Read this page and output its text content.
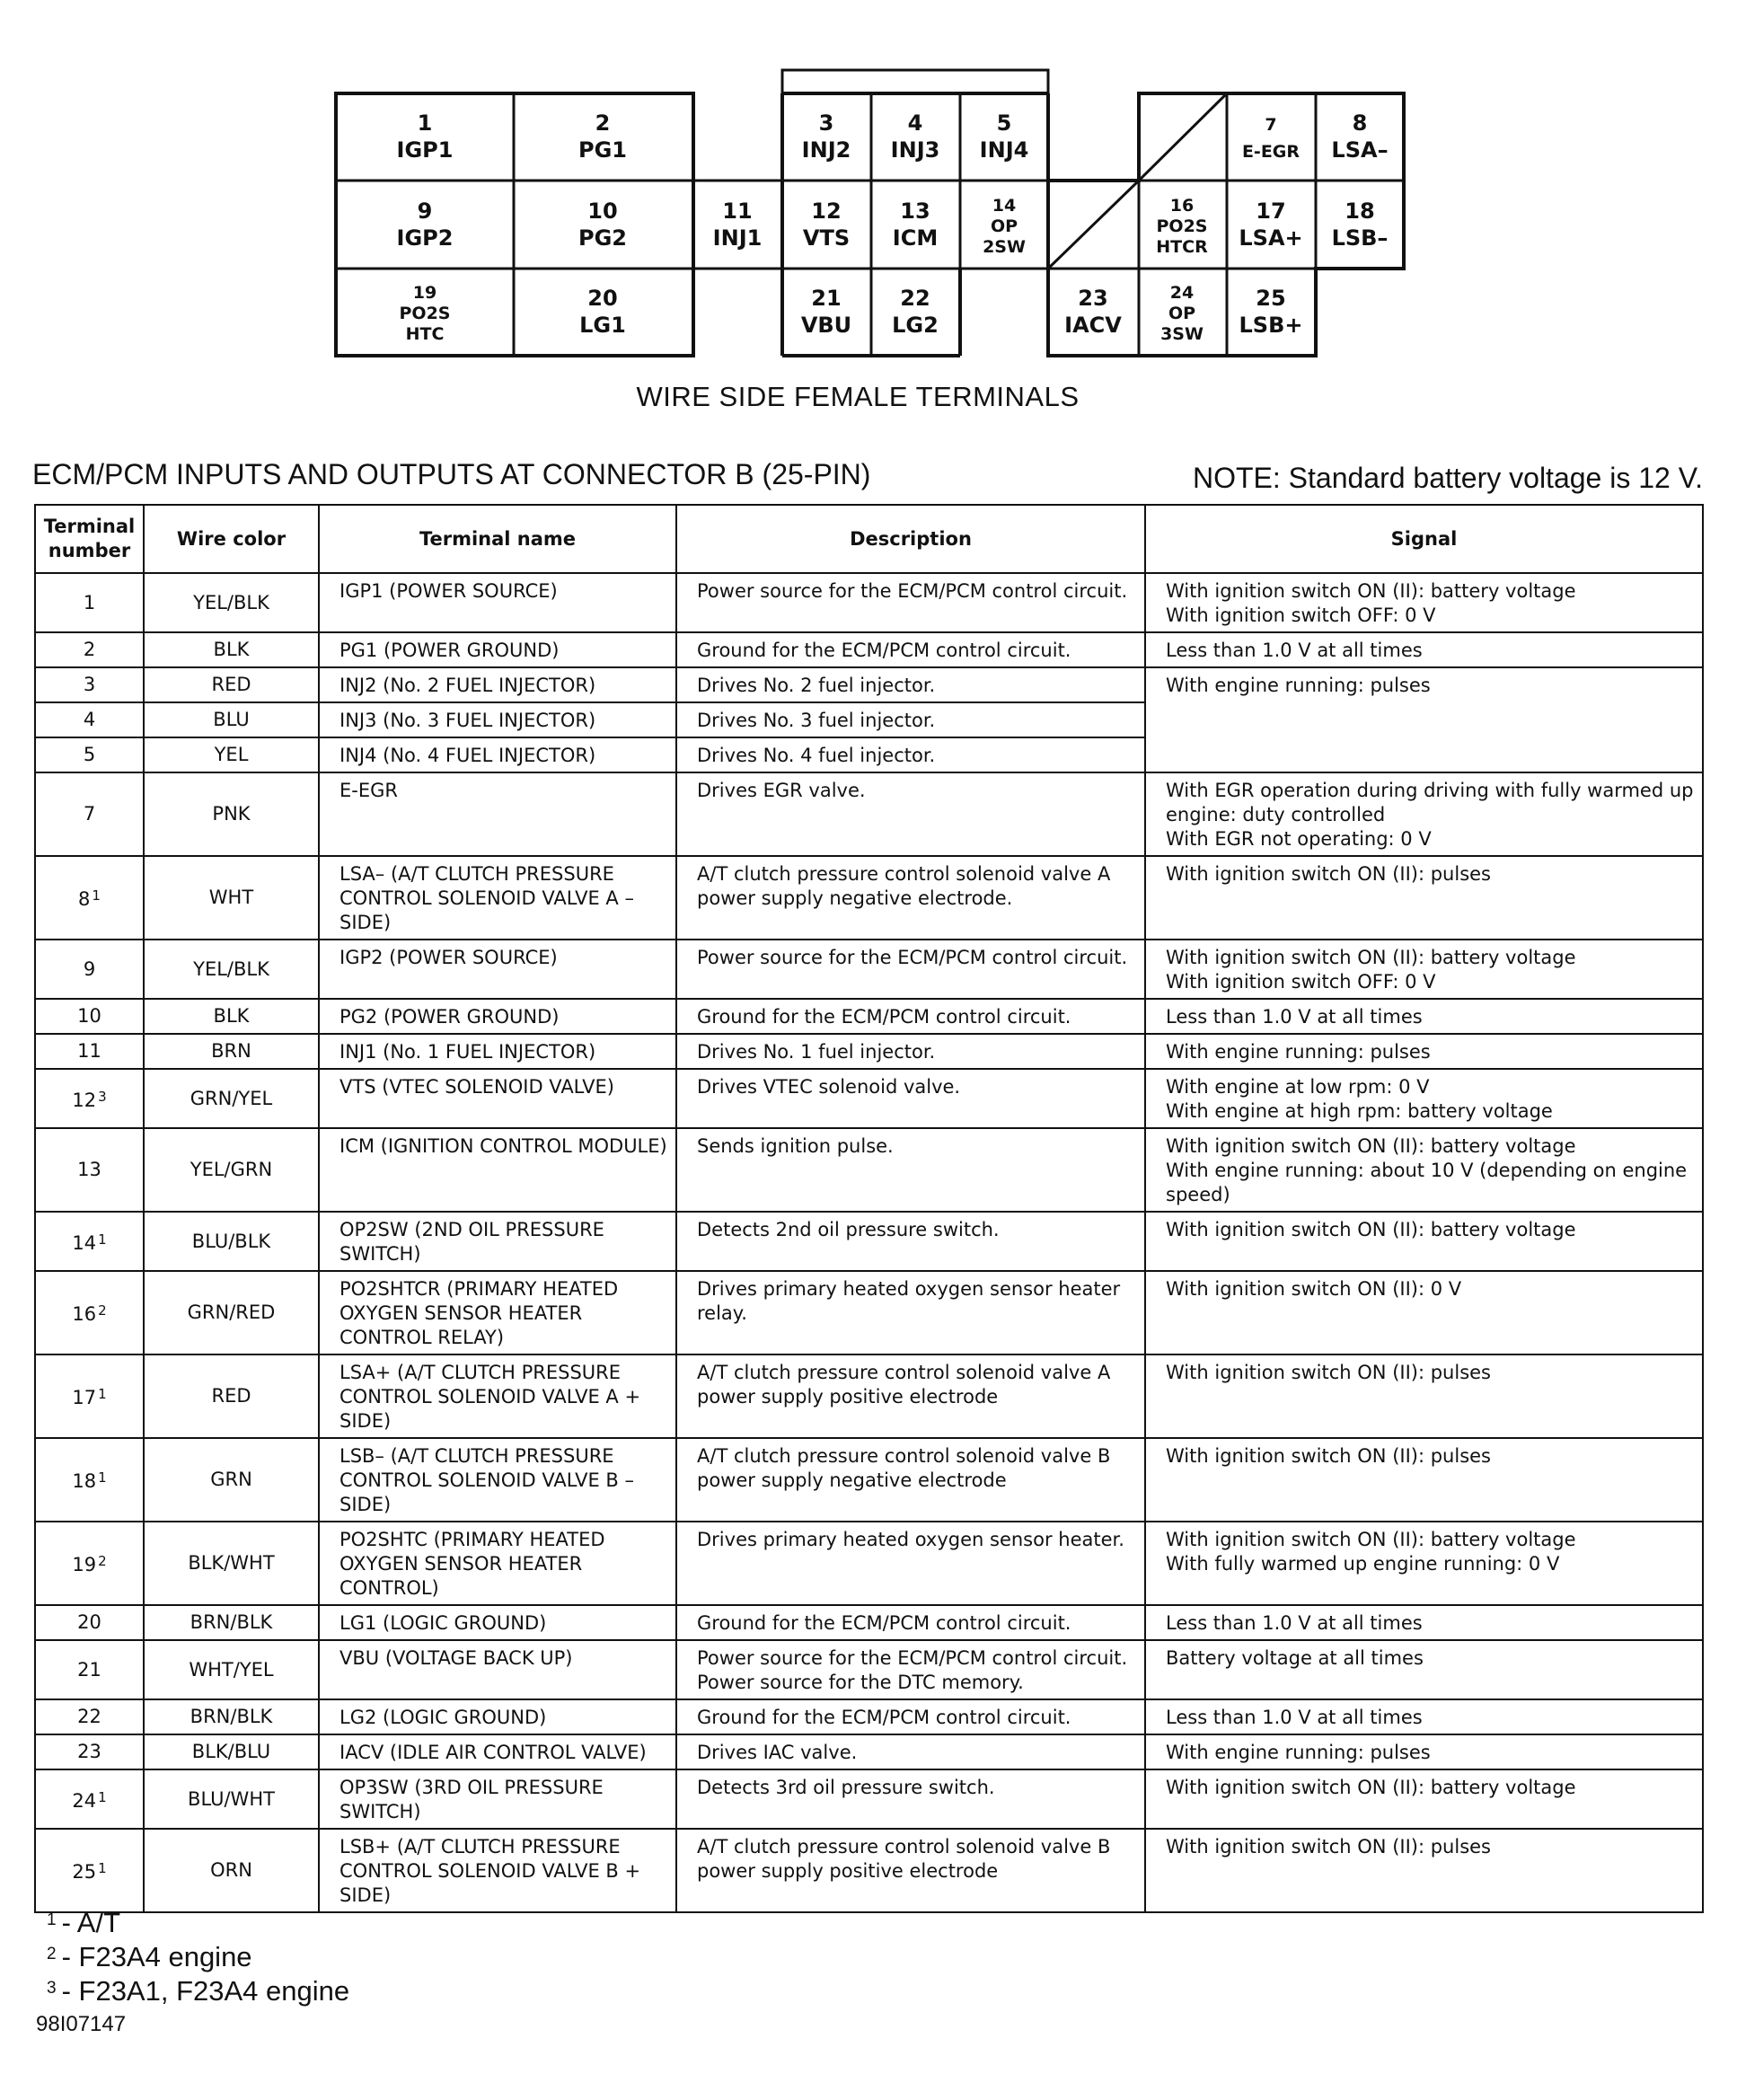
1 IGP1
2 PG1
3 INJ2
4 INJ3
5 INJ4
7 E-EGR
8 LSA–
9 IGP2
10 PG2
11 INJ1
12 VTS
13 ICM
14 OP 2SW
16 PO2S HTCR
17 LSA+
18 LSB–
19 PO2S HTC
20 LG1
21 VBU
22 LG2
23 IACV
24 OP 3SW
25 LSB+
WIRE SIDE FEMALE TERMINALS
ECM/PCM INPUTS AND OUTPUTS AT CONNECTOR B (25-PIN)	NOTE: Standard battery voltage is 12 V.
Terminal number	Wire color	Terminal name	Description	Signal
1	YEL/BLK	IGP1 (POWER SOURCE)	Power source for the ECM/PCM control circuit.	With ignition switch ON (II): battery voltage
With ignition switch OFF: 0 V
2	BLK	PG1 (POWER GROUND)	Ground for the ECM/PCM control circuit.	Less than 1.0 V at all times
3	RED	INJ2 (No. 2 FUEL INJECTOR)	Drives No. 2 fuel injector.	With engine running: pulses
4	BLU	INJ3 (No. 3 FUEL INJECTOR)	Drives No. 3 fuel injector.	
5	YEL	INJ4 (No. 4 FUEL INJECTOR)	Drives No. 4 fuel injector.	
7	PNK	E-EGR	Drives EGR valve.	With EGR operation during driving with fully warmed up engine: duty controlled
With EGR not operating: 0 V
8 $^1$	WHT	LSA– (A/T CLUTCH PRESSURE CONTROL SOLENOID VALVE A – SIDE)	A/T clutch pressure control solenoid valve A power supply negative electrode.	With ignition switch ON (II): pulses
9	YEL/BLK	IGP2 (POWER SOURCE)	Power source for the ECM/PCM control circuit.	With ignition switch ON (II): battery voltage
With ignition switch OFF: 0 V
10	BLK	PG2 (POWER GROUND)	Ground for the ECM/PCM control circuit.	Less than 1.0 V at all times
11	BRN	INJ1 (No. 1 FUEL INJECTOR)	Drives No. 1 fuel injector.	With engine running: pulses
12 $^3$	GRN/YEL	VTS (VTEC SOLENOID VALVE)	Drives VTEC solenoid valve.	With engine at low rpm: 0 V
With engine at high rpm: battery voltage
13	YEL/GRN	ICM (IGNITION CONTROL MODULE)	Sends ignition pulse.	With ignition switch ON (II): battery voltage
With engine running: about 10 V (depending on engine speed)
14 $^1$	BLU/BLK	OP2SW (2ND OIL PRESSURE SWITCH)	Detects 2nd oil pressure switch.	With ignition switch ON (II): battery voltage
16 $^2$	GRN/RED	PO2SHTCR (PRIMARY HEATED OXYGEN SENSOR HEATER CONTROL RELAY)	Drives primary heated oxygen sensor heater relay.	With ignition switch ON (II): 0 V
17 $^1$	RED	LSA+ (A/T CLUTCH PRESSURE CONTROL SOLENOID VALVE A + SIDE)	A/T clutch pressure control solenoid valve A power supply positive electrode	With ignition switch ON (II): pulses
18 $^1$	GRN	LSB– (A/T CLUTCH PRESSURE CONTROL SOLENOID VALVE B – SIDE)	A/T clutch pressure control solenoid valve B power supply negative electrode	With ignition switch ON (II): pulses
19 $^2$	BLK/WHT	PO2SHTC (PRIMARY HEATED OXYGEN SENSOR HEATER CONTROL)	Drives primary heated oxygen sensor heater.	With ignition switch ON (II): battery voltage
With fully warmed up engine running: 0 V
20	BRN/BLK	LG1 (LOGIC GROUND)	Ground for the ECM/PCM control circuit.	Less than 1.0 V at all times
21	WHT/YEL	VBU (VOLTAGE BACK UP)	Power source for the ECM/PCM control circuit.
Power source for the DTC memory.	Battery voltage at all times
22	BRN/BLK	LG2 (LOGIC GROUND)	Ground for the ECM/PCM control circuit.	Less than 1.0 V at all times
23	BLK/BLU	IACV (IDLE AIR CONTROL VALVE)	Drives IAC valve.	With engine running: pulses
24 $^1$	BLU/WHT	OP3SW (3RD OIL PRESSURE SWITCH)	Detects 3rd oil pressure switch.	With ignition switch ON (II): battery voltage
25 $^1$	ORN	LSB+ (A/T CLUTCH PRESSURE CONTROL SOLENOID VALVE B + SIDE)	A/T clutch pressure control solenoid valve B power supply positive electrode	With ignition switch ON (II): pulses
$^1$ - A/T
$^2$ - F23A4 engine
$^3$ - F23A1, F23A4 engine
98I07147
